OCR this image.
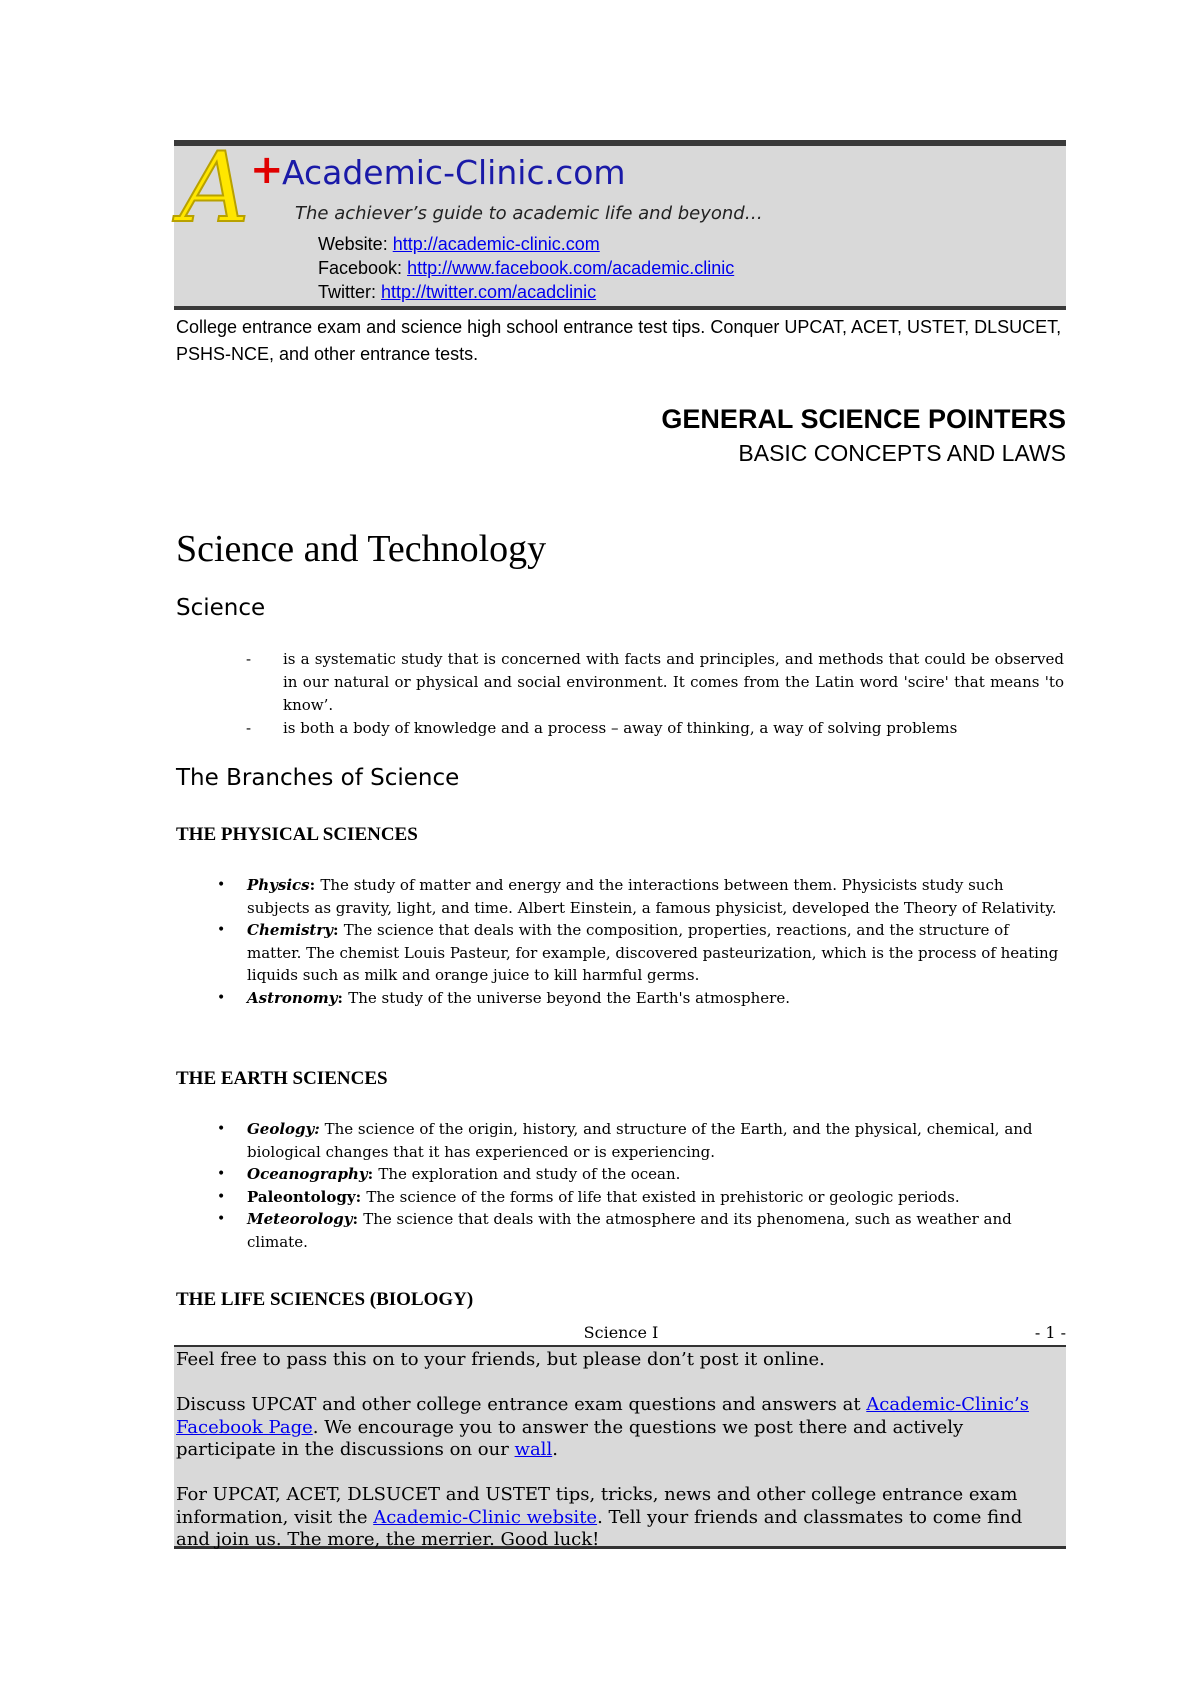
A +
Academic-Clinic.com
The achiever’s guide to academic life and beyond…
Website: http://academic-clinic.com
Facebook: http://www.facebook.com/academic.clinic
Twitter: http://twitter.com/acadclinic
College entrance exam and science high school entrance test tips. Conquer UPCAT, ACET, USTET, DLSUCET, PSHS-NCE, and other entrance tests.
GENERAL SCIENCE POINTERS
BASIC CONCEPTS AND LAWS
Science and Technology
Science
- is a systematic study that is concerned with facts and principles, and methods that could be observed in our natural or physical and social environment. It comes from the Latin word 'scire' that means 'to know’.
- is both a body of knowledge and a process – away of thinking, a way of solving problems
The Branches of Science
THE PHYSICAL SCIENCES
• Physics: The study of matter and energy and the interactions between them. Physicists study such subjects as gravity, light, and time. Albert Einstein, a famous physicist, developed the Theory of Relativity.
• Chemistry: The science that deals with the composition, properties, reactions, and the structure of matter. The chemist Louis Pasteur, for example, discovered pasteurization, which is the process of heating liquids such as milk and orange juice to kill harmful germs.
• Astronomy: The study of the universe beyond the Earth's atmosphere.
THE EARTH SCIENCES
• Geology: The science of the origin, history, and structure of the Earth, and the physical, chemical, and biological changes that it has experienced or is experiencing.
• Oceanography: The exploration and study of the ocean.
• Paleontology: The science of the forms of life that existed in prehistoric or geologic periods.
• Meteorology: The science that deals with the atmosphere and its phenomena, such as weather and climate.
THE LIFE SCIENCES (BIOLOGY)
Science I	- 1 -
Feel free to pass this on to your friends, but please don’t post it online.
Discuss UPCAT and other college entrance exam questions and answers at Academic-Clinic’s Facebook Page. We encourage you to answer the questions we post there and actively participate in the discussions on our wall.
For UPCAT, ACET, DLSUCET and USTET tips, tricks, news and other college entrance exam information, visit the Academic-Clinic website. Tell your friends and classmates to come find and join us. The more, the merrier. Good luck!
